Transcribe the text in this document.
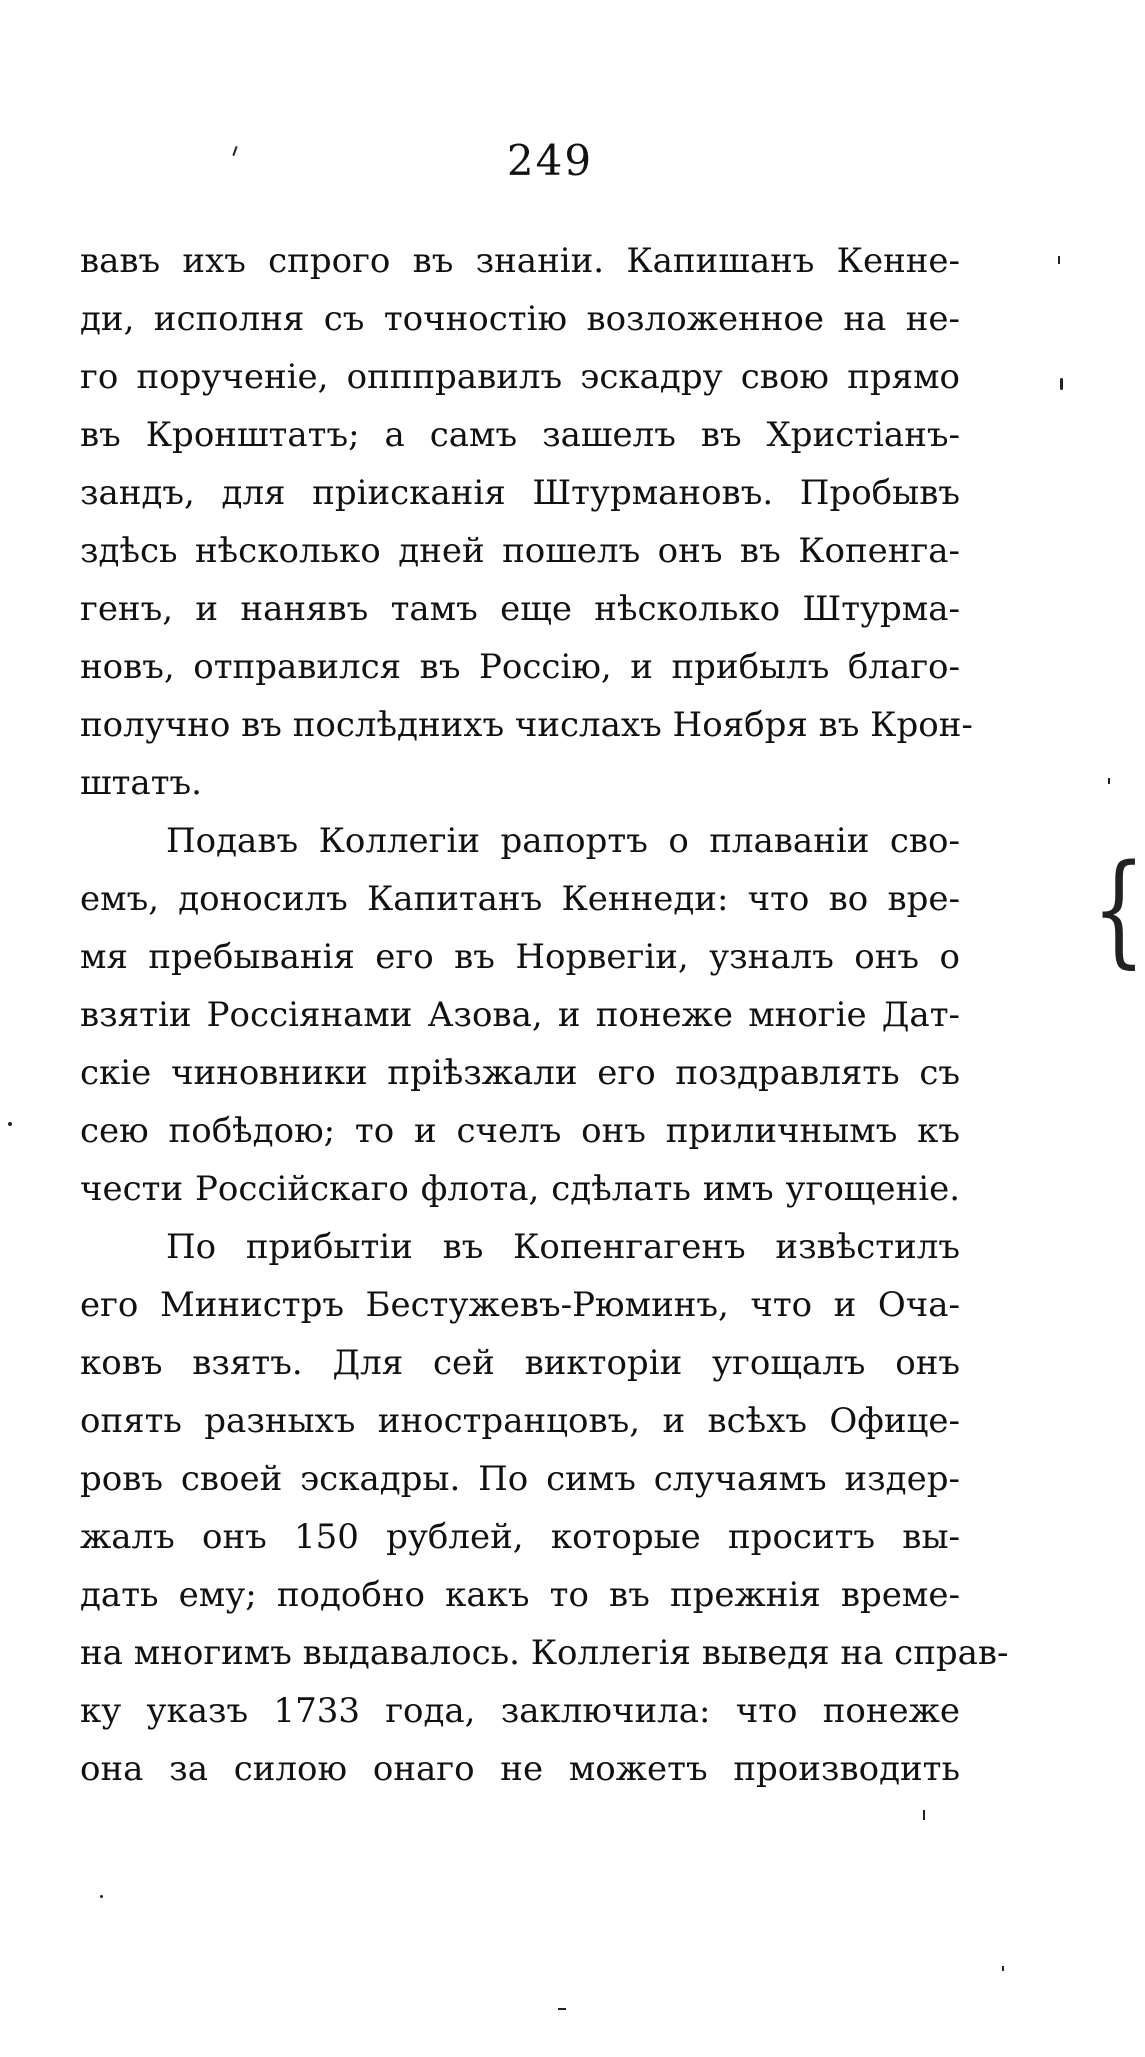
249
вавъ ихъ спрого въ знаніи. Капишанъ Кенне-
ди, исполня съ точностію возложенное на не-
го порученіе, оппправилъ эскадру свою прямо
въ Кронштатъ; а самъ зашелъ въ Христіанъ-
зандъ, для пріисканія Штурмановъ. Пробывъ
здѣсь нѣсколько дней пошелъ онъ въ Копенга-
генъ, и нанявъ тамъ еще нѣсколько Штурма-
новъ, отправился въ Россію, и прибылъ благо-
получно въ послѣднихъ числахъ Ноября въ Крон-
штатъ.
Подавъ Коллегіи рапортъ о плаваніи сво-
емъ, доносилъ Капитанъ Кеннеди: что во вре-
мя пребыванія его въ Норвегіи, узналъ онъ о
взятіи Россіянами Азова, и понеже многіе Дат-
скіе чиновники пріѣзжали его поздравлять съ
сею побѣдою; то и счелъ онъ приличнымъ къ
чести Россійскаго флота, сдѣлать имъ угощеніе.
По прибытіи въ Копенгагенъ извѣстилъ
его Министръ Бестужевъ-Рюминъ, что и Оча-
ковъ взятъ. Для сей викторіи угощалъ онъ
опять разныхъ иностранцовъ, и всѣхъ Офице-
ровъ своей эскадры. По симъ случаямъ издер-
жалъ онъ 150 рублей, которые проситъ вы-
дать ему; подобно какъ то въ прежнія време-
на многимъ выдавалось. Коллегія выведя на справ-
ку указъ 1733 года, заключила: что понеже
она за силою онаго не можетъ производить
{
